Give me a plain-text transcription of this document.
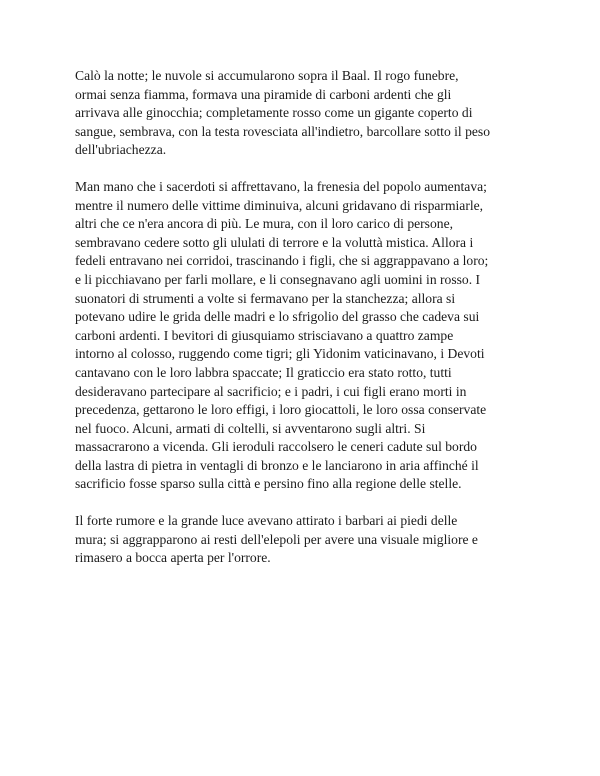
Calò la notte; le nuvole si accumularono sopra il Baal. Il rogo funebre,
ormai senza fiamma, formava una piramide di carboni ardenti che gli
arrivava alle ginocchia; completamente rosso come un gigante coperto di
sangue, sembrava, con la testa rovesciata all'indietro, barcollare sotto il peso
dell'ubriachezza.

Man mano che i sacerdoti si affrettavano, la frenesia del popolo aumentava;
mentre il numero delle vittime diminuiva, alcuni gridavano di risparmiarle,
altri che ce n'era ancora di più. Le mura, con il loro carico di persone,
sembravano cedere sotto gli ululati di terrore e la voluttà mistica. Allora i
fedeli entravano nei corridoi, trascinando i figli, che si aggrappavano a loro;
e li picchiavano per farli mollare, e li consegnavano agli uomini in rosso. I
suonatori di strumenti a volte si fermavano per la stanchezza; allora si
potevano udire le grida delle madri e lo sfrigolio del grasso che cadeva sui
carboni ardenti. I bevitori di giusquiamo strisciavano a quattro zampe
intorno al colosso, ruggendo come tigri; gli Yidonim vaticinavano, i Devoti
cantavano con le loro labbra spaccate; Il graticcio era stato rotto, tutti
desideravano partecipare al sacrificio; e i padri, i cui figli erano morti in
precedenza, gettarono le loro effigi, i loro giocattoli, le loro ossa conservate
nel fuoco. Alcuni, armati di coltelli, si avventarono sugli altri. Si
massacrarono a vicenda. Gli ieroduli raccolsero le ceneri cadute sul bordo
della lastra di pietra in ventagli di bronzo e le lanciarono in aria affinché il
sacrificio fosse sparso sulla città e persino fino alla regione delle stelle.

Il forte rumore e la grande luce avevano attirato i barbari ai piedi delle
mura; si aggrapparono ai resti dell'elepoli per avere una visuale migliore e
rimasero a bocca aperta per l'orrore.
